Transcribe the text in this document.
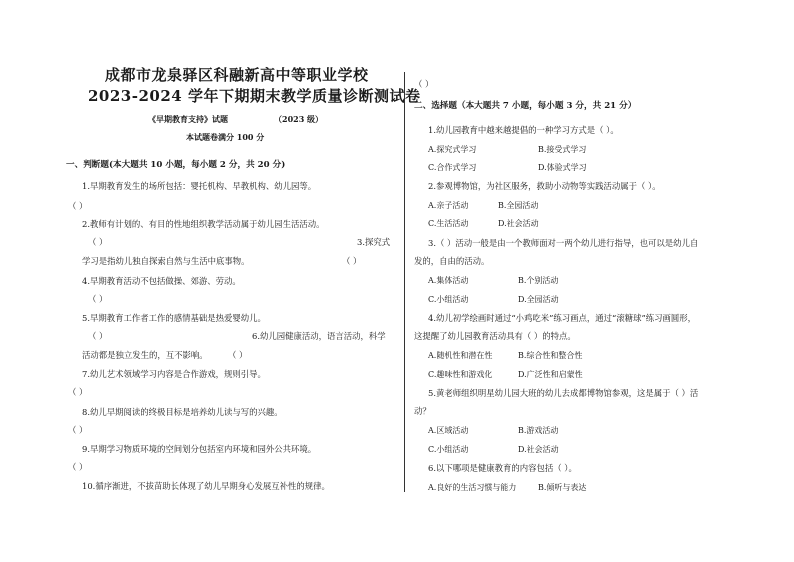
成都市龙泉驿区科融新高中等职业学校
2023-2024 学年下期期末教学质量诊断测试卷
《早期教育支持》试题	（2023 级）
本试题卷满分 100 分
一、判断题(本大题共 10 小题，每小题 2 分，共 20 分)
1.早期教育发生的场所包括：婴托机构、早教机构、幼儿园等。
（ ）
2.教师有计划的、有目的性地组织教学活动属于幼儿园生活活动。
（ ）	3.探究式
学习是指幼儿独自探索自然与生活中底事物。	（ ）
4.早期教育活动不包括做操、郊游、劳动。
（ ）
5.早期教育工作者工作的感情基础是热爱婴幼儿。
（ ）	6.幼儿园健康活动，语言活动，科学
活动都是独立发生的，互不影响。 （ ）
7.幼儿艺术领域学习内容是合作游戏，规则引导。
（ ）
8.幼儿早期阅读的终极目标是培养幼儿读与写的兴趣。
（ ）
9.早期学习物质环境的空间划分包括室内环境和园外公共环境。
（ ）
10.循序渐进，不拔苗助长体现了幼儿早期身心发展互补性的规律。
（ ）
二、选择题（本大题共 7 小题，每小题 3 分，共 21 分）
1.幼儿园教育中越来越提倡的一种学习方式是（ ）。
A.探究式学习	B.接受式学习
C.合作式学习	D.体验式学习
2.参观博物馆，为社区服务，救助小动物等实践活动属于（ ）。
A.亲子活动	B.全园活动
C.生活活动	D.社会活动
3.（ ）活动一般是由一个教师面对一两个幼儿进行指导，也可以是幼儿自
发的，自由的活动。
A.集体活动	B.个别活动
C.小组活动	D.全园活动
4.幼儿初学绘画时通过“小鸡吃米”练习画点，通过“滚糖球”练习画圆形，
这提醒了幼儿园教育活动具有（ ）的特点。
A.随机性和潜在性	B.综合性和整合性
C.趣味性和游戏化	D.广泛性和启蒙性
5.黄老师组织明星幼儿园大班的幼儿去成都博物馆参观，这是属于（ ）活
动？
A.区域活动	B.游戏活动
C.小组活动	D.社会活动
6.以下哪项是健康教育的内容包括（ ）。
A.良好的生活习惯与能力	B.倾听与表达
